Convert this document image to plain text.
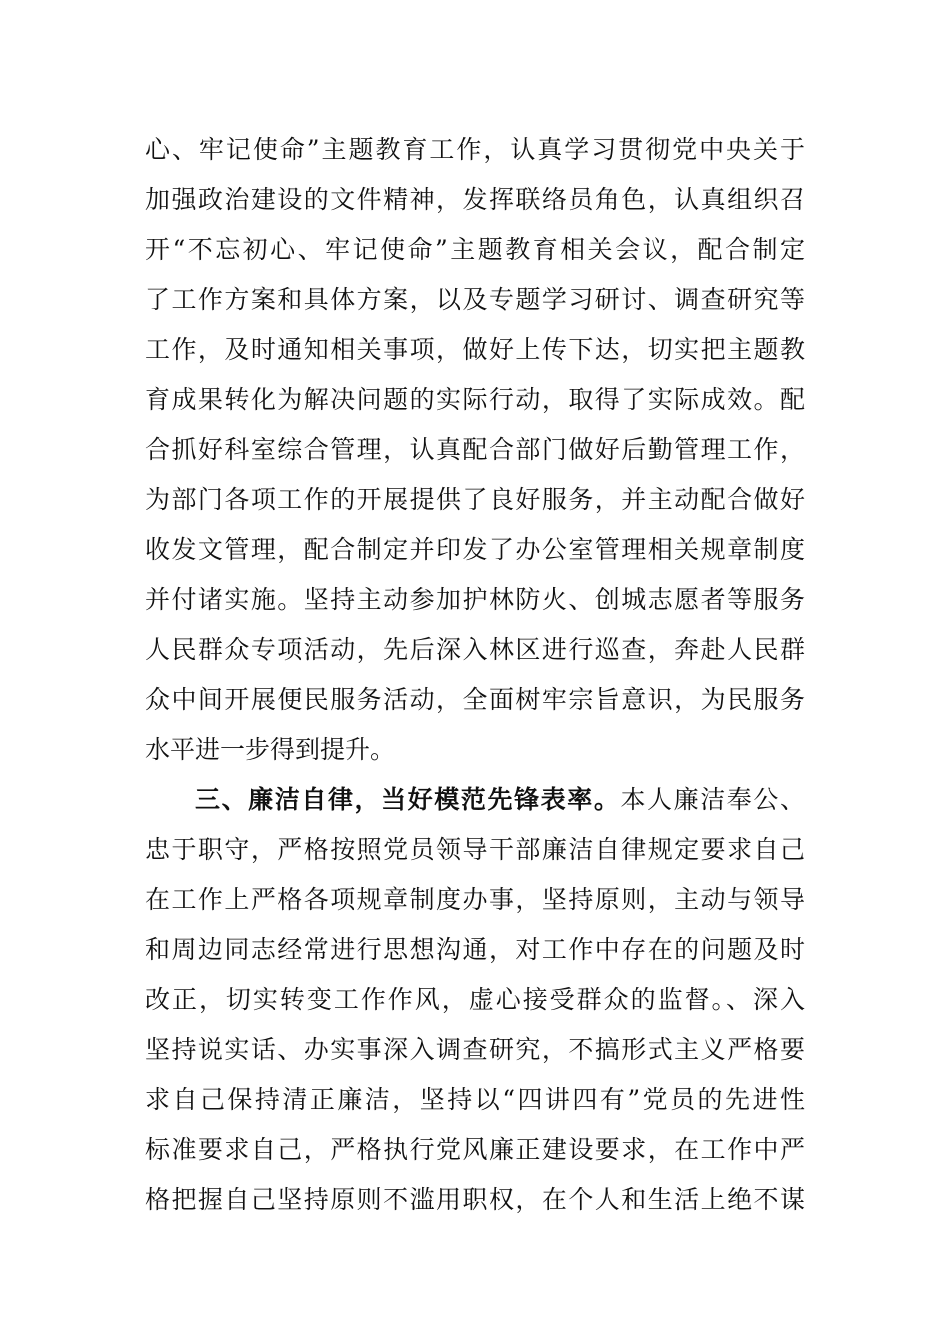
心、牢记使命”主题教育工作，认真学习贯彻党中央关于
加强政治建设的文件精神，发挥联络员角色，认真组织召
开“不忘初心、牢记使命”主题教育相关会议，配合制定
了工作方案和具体方案，以及专题学习研讨、调查研究等
工作，及时通知相关事项，做好上传下达，切实把主题教
育成果转化为解决问题的实际行动，取得了实际成效。配
合抓好科室综合管理，认真配合部门做好后勤管理工作，
为部门各项工作的开展提供了良好服务，并主动配合做好
收发文管理，配合制定并印发了办公室管理相关规章制度
并付诸实施。坚持主动参加护林防火、创城志愿者等服务
人民群众专项活动，先后深入林区进行巡查，奔赴人民群
众中间开展便民服务活动，全面树牢宗旨意识，为民服务
水平进一步得到提升。
三、廉洁自律，当好模范先锋表率。本人廉洁奉公、
忠于职守，严格按照党员领导干部廉洁自律规定要求自己
在工作上严格各项规章制度办事，坚持原则，主动与领导
和周边同志经常进行思想沟通，对工作中存在的问题及时
改正，切实转变工作作风，虚心接受群众的监督。、深入
坚持说实话、办实事深入调查研究，不搞形式主义严格要
求自己保持清正廉洁，坚持以“四讲四有”党员的先进性
标准要求自己，严格执行党风廉正建设要求，在工作中严
格把握自己坚持原则不滥用职权，在个人和生活上绝不谋
